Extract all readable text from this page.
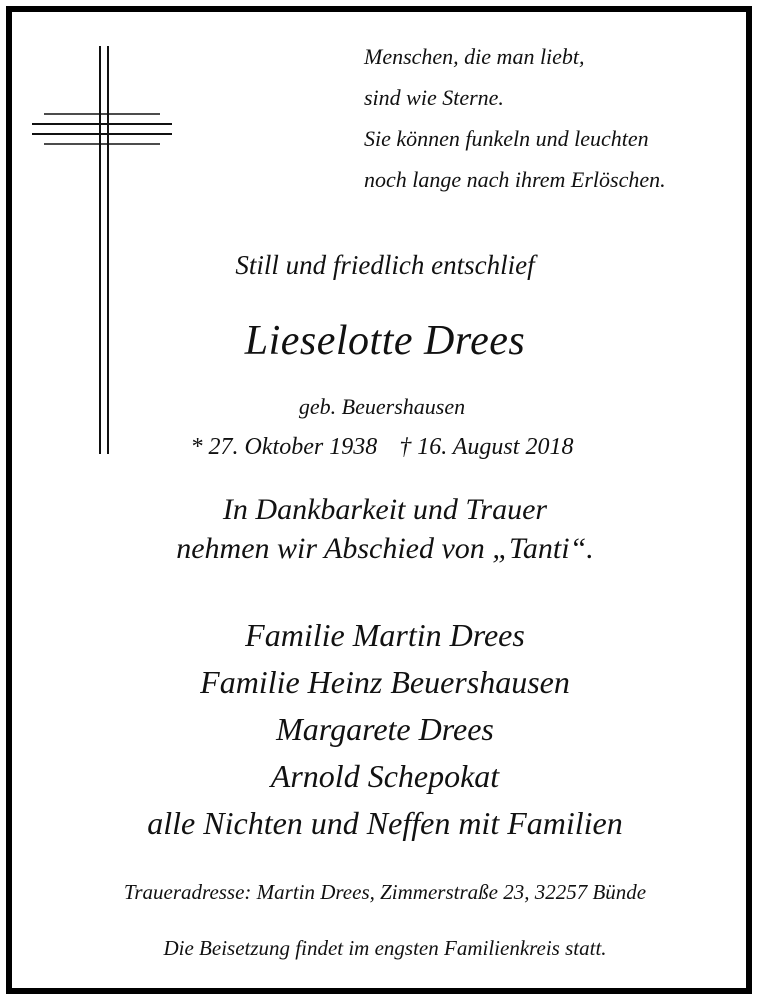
Menschen, die man liebt,
sind wie Sterne.
Sie können funkeln und leuchten
noch lange nach ihrem Erlöschen.
Still und friedlich entschlief
Lieselotte Drees
geb. Beuershausen
* 27. Oktober 1938 † 16. August 2018
In Dankbarkeit und Trauer
nehmen wir Abschied von „Tanti“.
Familie Martin Drees
Familie Heinz Beuershausen
Margarete Drees
Arnold Schepokat
alle Nichten und Neffen mit Familien
Traueradresse: Martin Drees, Zimmerstraße 23, 32257 Bünde
Die Beisetzung findet im engsten Familienkreis statt.
